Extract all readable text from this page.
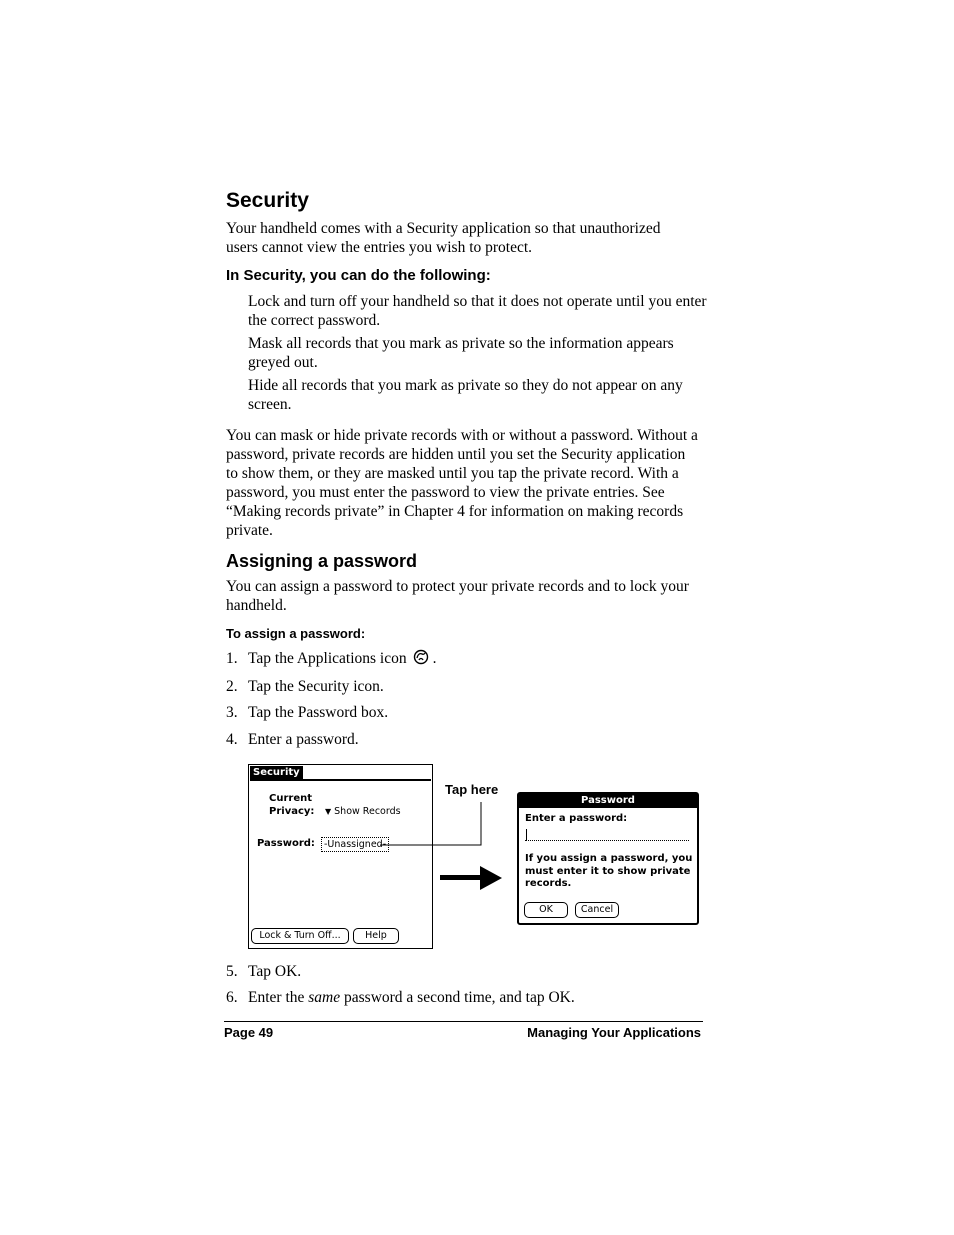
Security
Your handheld comes with a Security application so that unauthorized users cannot view the entries you wish to protect.
In Security, you can do the following:
Lock and turn off your handheld so that it does not operate until you enter the correct password.
Mask all records that you mark as private so the information appears greyed out.
Hide all records that you mark as private so they do not appear on any screen.
You can mask or hide private records with or without a password. Without a password, private records are hidden until you set the Security application to show them, or they are masked until you tap the private record. With a password, you must enter the password to view the private entries. See “Making records private” in Chapter 4 for information on making records private.
Assigning a password
You can assign a password to protect your private records and to lock your handheld.
To assign a password:
1. Tap the Applications icon .
2. Tap the Security icon.
3. Tap the Password box.
4. Enter a password.
Security
Current
Privacy: ▼ Show Records
Password: -Unassigned-
Lock & Turn Off...	Help
Tap here
Password
Enter a password:
If you assign a password, you must enter it to show private records.
OK	Cancel
5. Tap OK.
6. Enter the same password a second time, and tap OK.
Page 49	Managing Your Applications
